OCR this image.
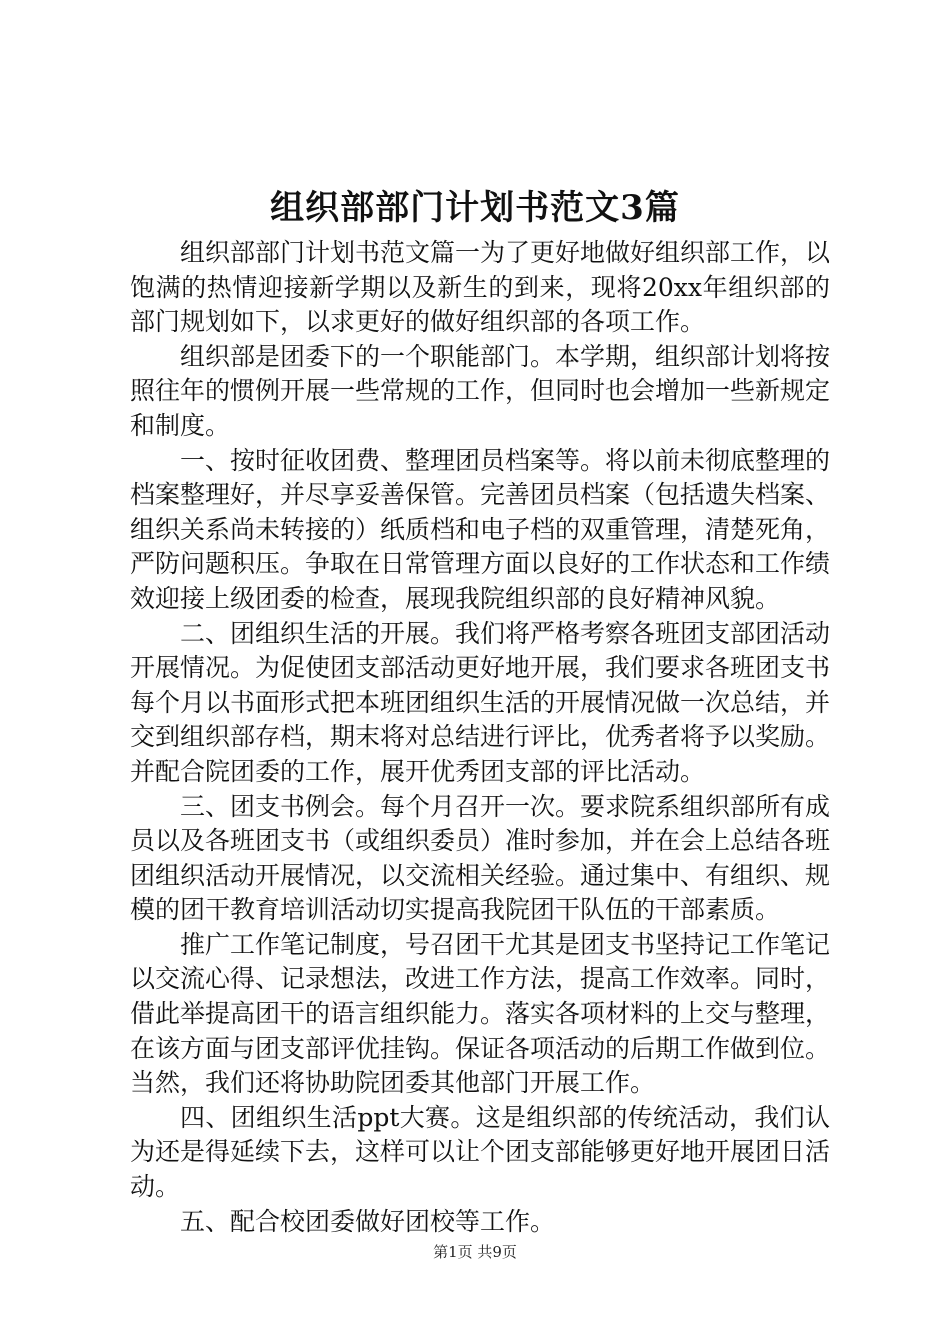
组织部部门计划书范文3篇

组织部部门计划书范文篇一为了更好地做好组织部工作，以饱满的热情迎接新学期以及新生的到来，现将20xx年组织部的部门规划如下，以求更好的做好组织部的各项工作。

组织部是团委下的一个职能部门。本学期，组织部计划将按照往年的惯例开展一些常规的工作，但同时也会增加一些新规定和制度。

一、按时征收团费、整理团员档案等。将以前未彻底整理的档案整理好，并尽享妥善保管。完善团员档案（包括遗失档案、组织关系尚未转接的）纸质档和电子档的双重管理，清楚死角，严防问题积压。争取在日常管理方面以良好的工作状态和工作绩效迎接上级团委的检查，展现我院组织部的良好精神风貌。

二、团组织生活的开展。我们将严格考察各班团支部团活动开展情况。为促使团支部活动更好地开展，我们要求各班团支书每个月以书面形式把本班团组织生活的开展情况做一次总结，并交到组织部存档，期末将对总结进行评比，优秀者将予以奖励。并配合院团委的工作，展开优秀团支部的评比活动。

三、团支书例会。每个月召开一次。要求院系组织部所有成员以及各班团支书（或组织委员）准时参加，并在会上总结各班团组织活动开展情况，以交流相关经验。通过集中、有组织、规模的团干教育培训活动切实提高我院团干队伍的干部素质。

推广工作笔记制度，号召团干尤其是团支书坚持记工作笔记以交流心得、记录想法，改进工作方法，提高工作效率。同时，借此举提高团干的语言组织能力。落实各项材料的上交与整理，在该方面与团支部评优挂钩。保证各项活动的后期工作做到位。当然，我们还将协助院团委其他部门开展工作。

四、团组织生活ppt大赛。这是组织部的传统活动，我们认为还是得延续下去，这样可以让个团支部能够更好地开展团日活动。

五、配合校团委做好团校等工作。

第1页 共9页
